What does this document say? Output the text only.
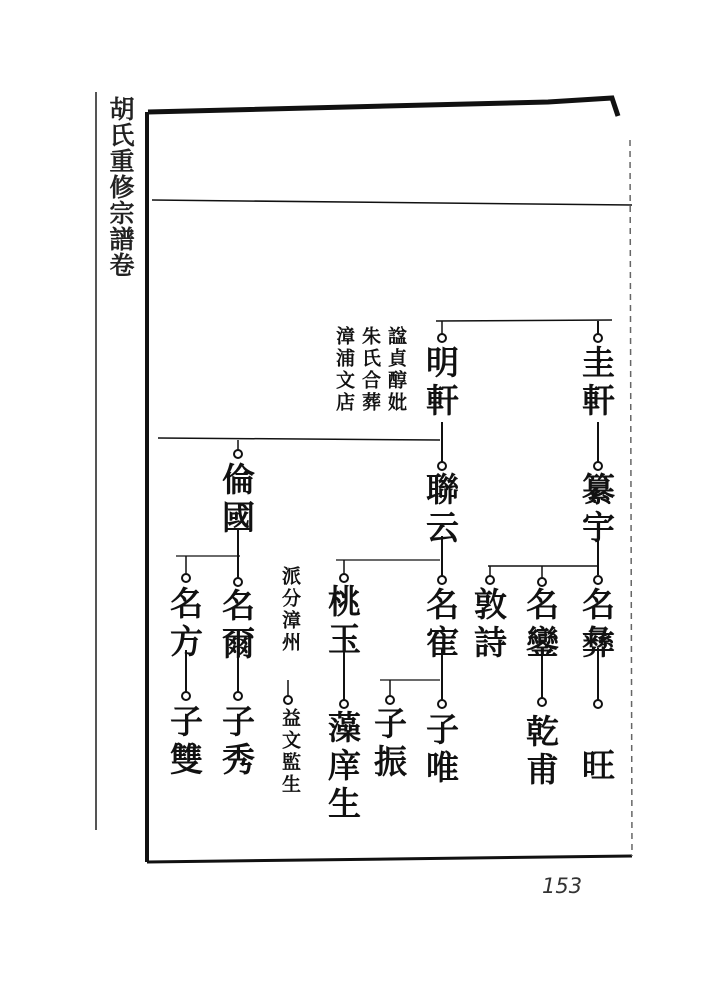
胡氏重修宗譜卷
圭軒
纂宇
名彝
旺
名鑾
乾甫
敦詩
諡貞醇妣
朱氏合葬
漳浦文店 明軒
聯云
名寉
子唯
子振
桃玉
藻庠生
派分漳州
益文監生
倫國
名爾
子秀
名方
子雙
153
